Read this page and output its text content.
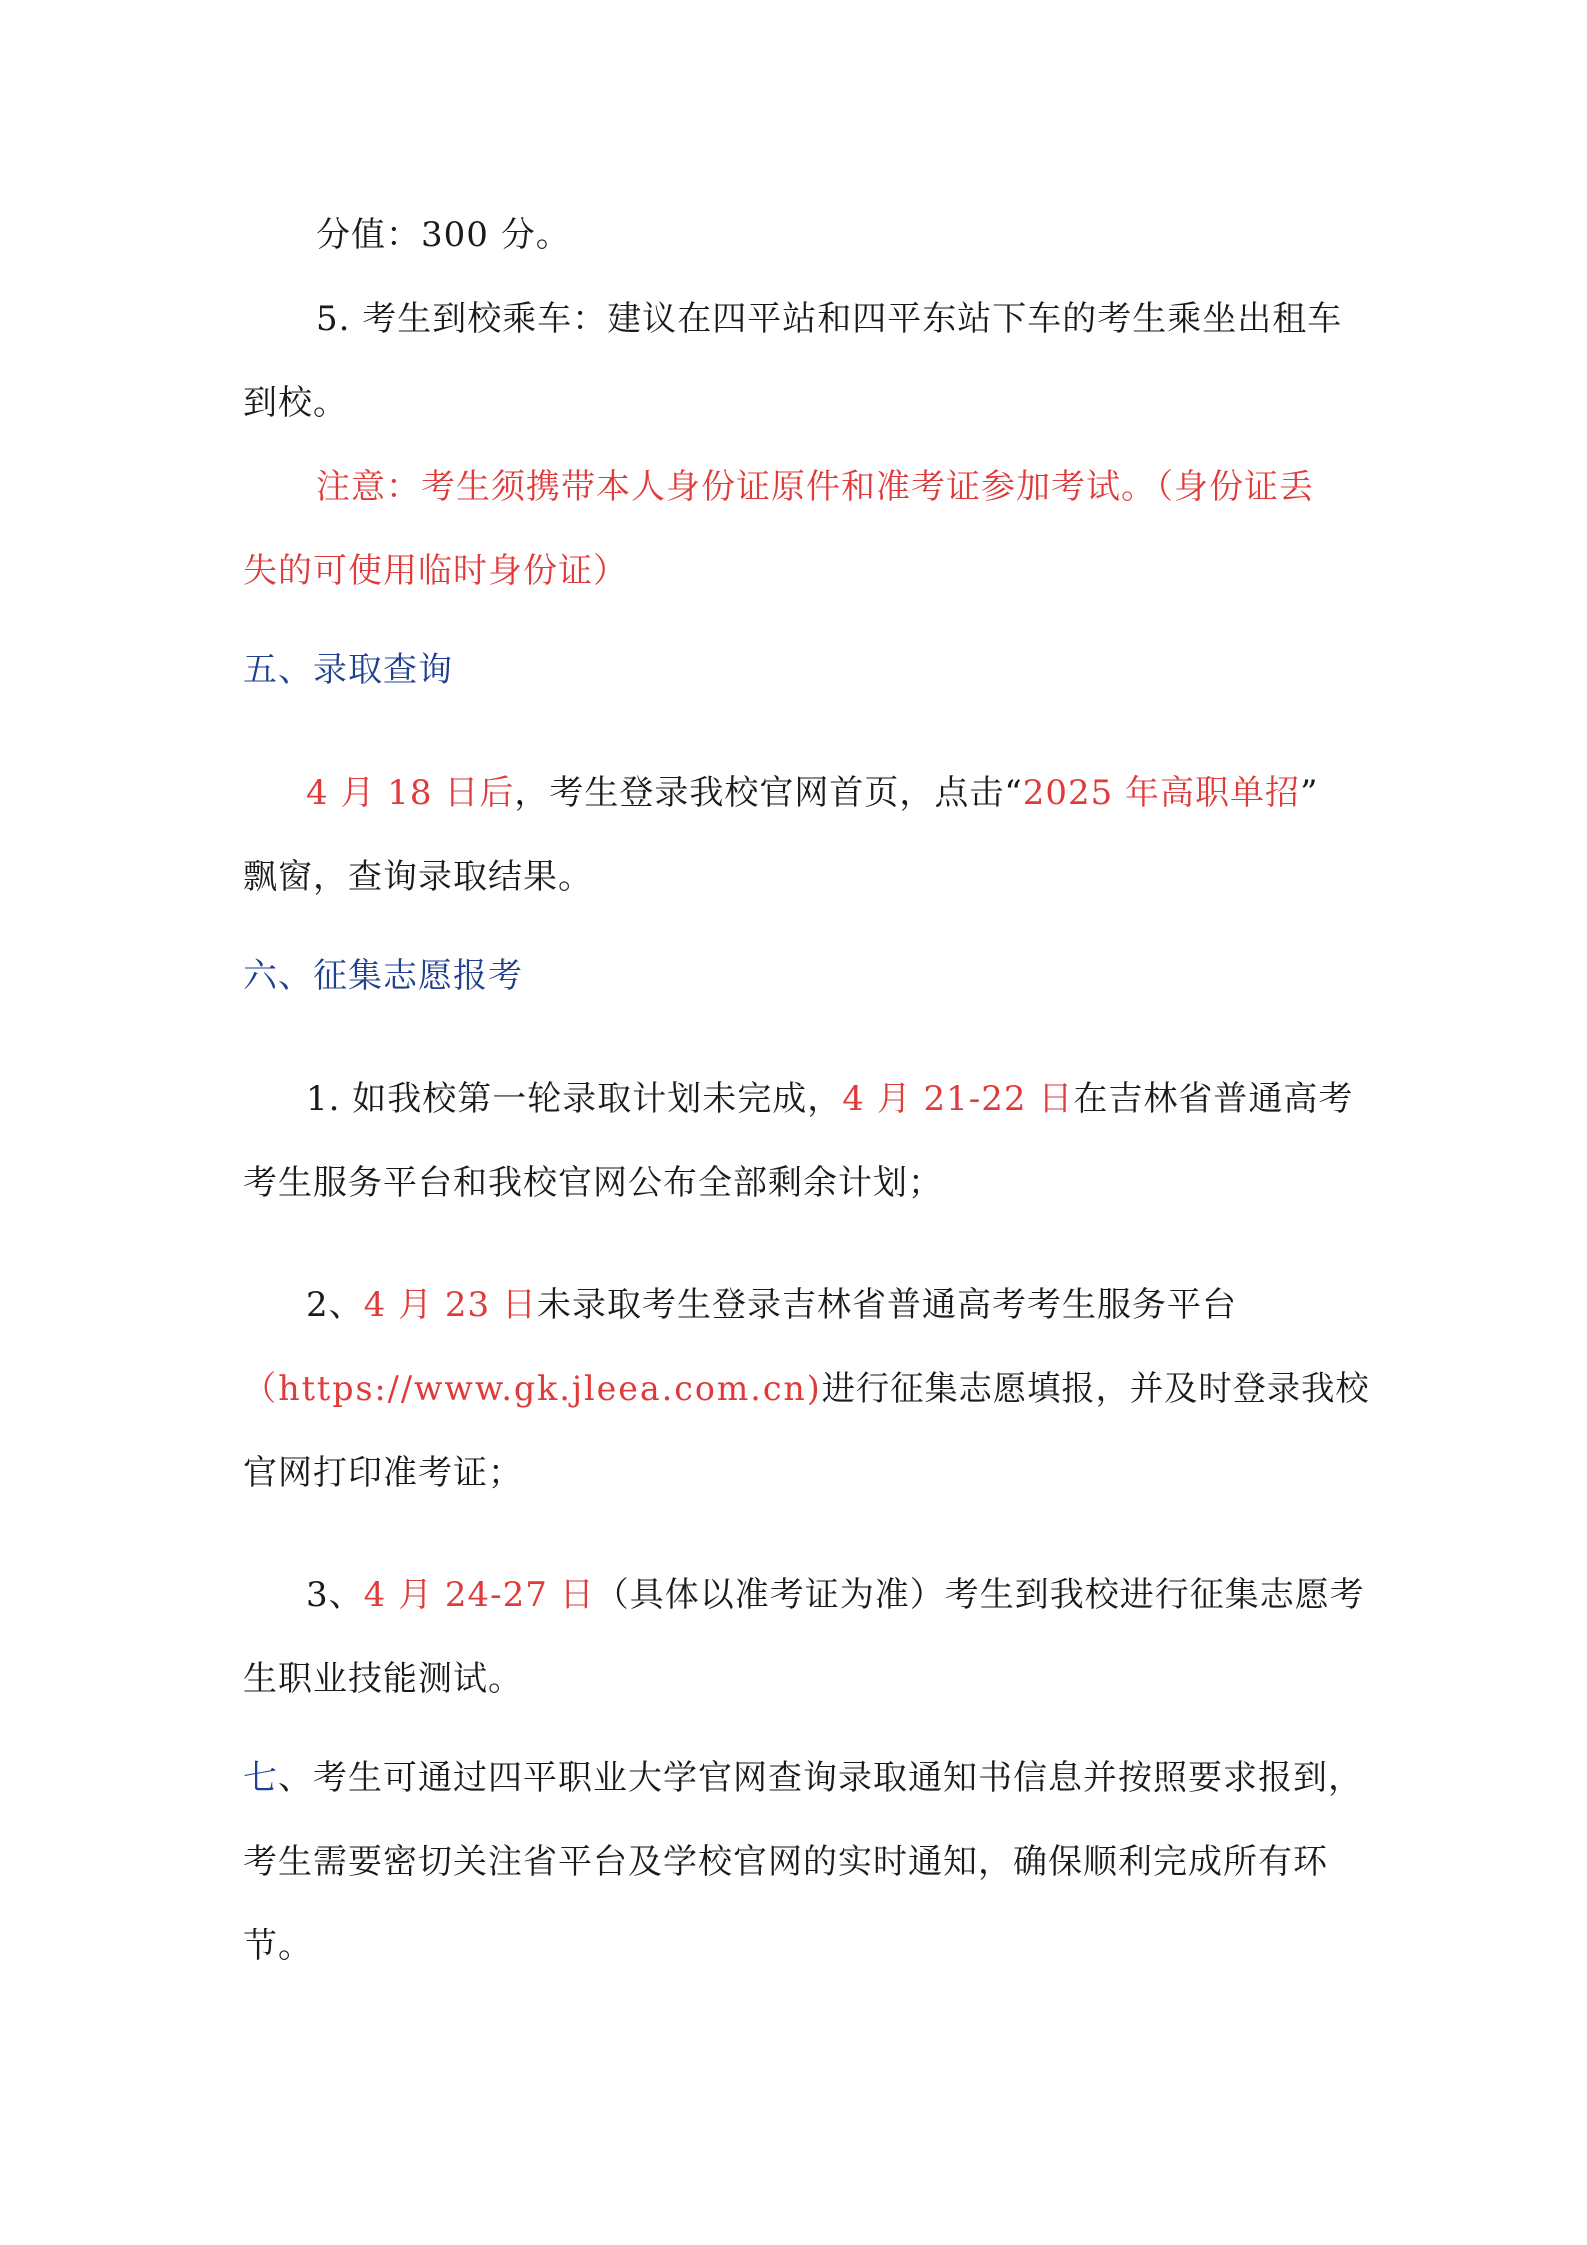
分值：300 分。
5. 考生到校乘车：建议在四平站和四平东站下车的考生乘坐出租车
到校。
注意：考生须携带本人身份证原件和准考证参加考试。（身份证丢
失的可使用临时身份证）
五、录取查询
4 月 18 日后，考生登录我校官网首页，点击“2025 年高职单招”
飘窗，查询录取结果。
六、征集志愿报考
1. 如我校第一轮录取计划未完成，4 月 21-22 日在吉林省普通高考
考生服务平台和我校官网公布全部剩余计划；
2、4 月 23 日未录取考生登录吉林省普通高考考生服务平台
（https://www.gk.jleea.com.cn)进行征集志愿填报，并及时登录我校
官网打印准考证；
3、4 月 24-27 日（具体以准考证为准）考生到我校进行征集志愿考
生职业技能测试。
七、考生可通过四平职业大学官网查询录取通知书信息并按照要求报到，
考生需要密切关注省平台及学校官网的实时通知，确保顺利完成所有环
节。
